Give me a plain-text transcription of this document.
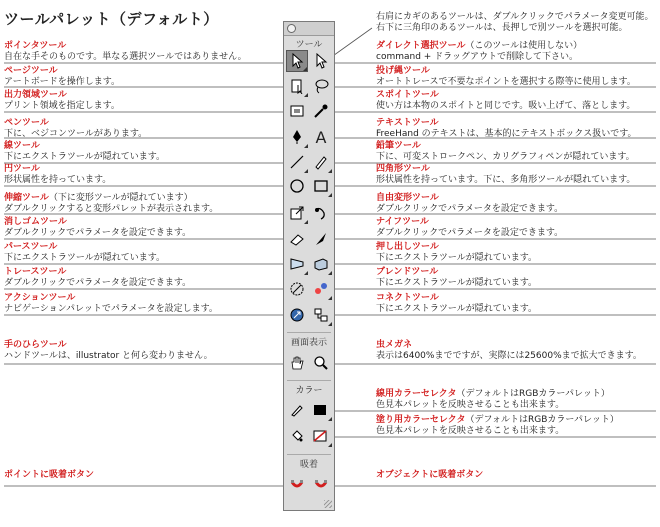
ツールパレット（デフォルト）	右肩にカギのあるツールは、ダブルクリックでパラメータ変更可能。
右下に三角印のあるツールは、長押しで別ツールを選択可能。
ポインタツール
自在な手そのものです。単なる選択ツールではありません。
ページツール
アートボードを操作します。
出力領域ツール
プリント領域を指定します。
ペンツール
下に、ベジコンツールがあります。
線ツール
下にエクストラツールが隠れています。
円ツール
形状属性を持っています。
伸縮ツール（下に変形ツールが隠れています）
ダブルクリックすると変形パレットが表示されます。
消しゴムツール
ダブルクリックでパラメータを設定できます。
パースツール
下にエクストラツールが隠れています。
トレースツール
ダブルクリックでパラメータを設定できます。
アクションツール
ナビゲーションパレットでパラメータを設定します。
手のひらツール
ハンドツールは、illustrator と何ら変わりません。
ポイントに吸着ボタン
ダイレクト選択ツール（このツールは使用しない）
command + ドラッグアウトで削除して下さい。
投げ縄ツール
オートトレースで不要なポイントを選択する際等に使用します。
スポイトツール
使い方は本物のスポイトと同じです。吸い上げて、落とします。
テキストツール
FreeHand のテキストは、基本的にテキストボックス扱いです。
鉛筆ツール
下に、可変ストロークペン、カリグラフィペンが隠れています。
四角形ツール
形状属性を持っています。下に、多角形ツールが隠れています。
自由変形ツール
ダブルクリックでパラメータを設定できます。
ナイフツール
ダブルクリックでパラメータを設定できます。
押し出しツール
下にエクストラツールが隠れています。
ブレンドツール
下にエクストラツールが隠れています。
コネクトツール
下にエクストラツールが隠れています。
虫メガネ
表示は6400%までですが、実際には25600%まで拡大できます。
線用カラーセレクタ（デフォルトはRGBカラーパレット）
色見本パレットを反映させることも出来ます。
塗り用カラーセレクタ（デフォルトはRGBカラーパレット）
色見本パレットを反映させることも出来ます。
オブジェクトに吸着ボタン
ツール
A
画面表示
カラー
吸着
